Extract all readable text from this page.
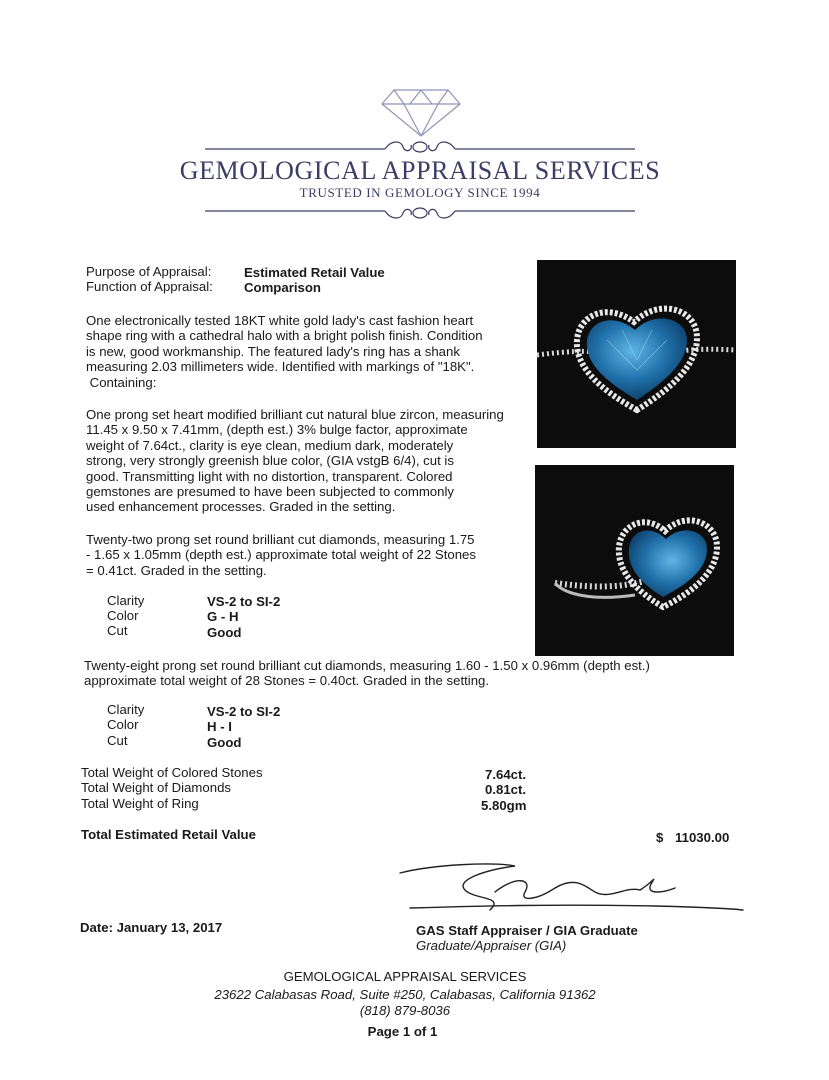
GEMOLOGICAL APPRAISAL SERVICES
TRUSTED IN GEMOLOGY SINCE 1994
Purpose of Appraisal: Estimated Retail Value
Function of Appraisal: Comparison
One electronically tested 18KT white gold lady's cast fashion heart
shape ring with a cathedral halo with a bright polish finish. Condition
is new, good workmanship. The featured lady's ring has a shank
measuring 2.03 millimeters wide. Identified with markings of "18K".
Containing:
One prong set heart modified brilliant cut natural blue zircon, measuring
11.45 x 9.50 x 7.41mm, (depth est.) 3% bulge factor, approximate
weight of 7.64ct., clarity is eye clean, medium dark, moderately
strong, very strongly greenish blue color, (GIA vstgB 6/4), cut is
good. Transmitting light with no distortion, transparent. Colored
gemstones are presumed to have been subjected to commonly
used enhancement processes. Graded in the setting.
Twenty-two prong set round brilliant cut diamonds, measuring 1.75
- 1.65 x 1.05mm (depth est.) approximate total weight of 22 Stones
= 0.41ct. Graded in the setting.
Clarity	VS-2 to SI-2
Color	G - H
Cut	Good
Twenty-eight prong set round brilliant cut diamonds, measuring 1.60 - 1.50 x 0.96mm (depth est.)
approximate total weight of 28 Stones = 0.40ct. Graded in the setting.
Clarity	VS-2 to SI-2
Color	H - I
Cut	Good
Total Weight of Colored Stones	7.64ct.
Total Weight of Diamonds	0.81ct.
Total Weight of Ring	5.80gm
Total Estimated Retail Value	$ 11030.00
Date: January 13, 2017	GAS Staff Appraiser / GIA Graduate
Graduate/Appraiser (GIA)
GEMOLOGICAL APPRAISAL SERVICES
23622 Calabasas Road, Suite #250, Calabasas, California 91362
(818) 879-8036
Page 1 of 1
